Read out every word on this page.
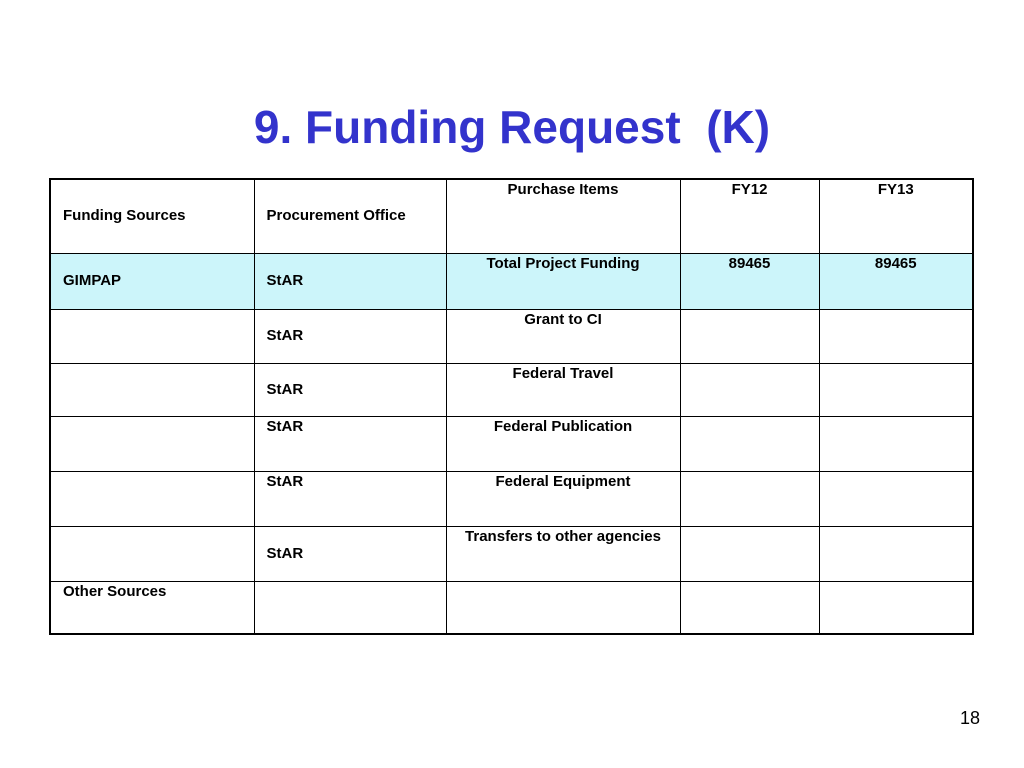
9. Funding Request  (K)
Funding Sources	Procurement Office	Purchase Items	FY12	FY13
GIMPAP	StAR	Total Project Funding	89465	89465
	StAR	Grant to CI		
	StAR	Federal Travel		
	StAR	Federal Publication		
	StAR	Federal Equipment		
	StAR	Transfers to other agencies		
Other Sources				
18
